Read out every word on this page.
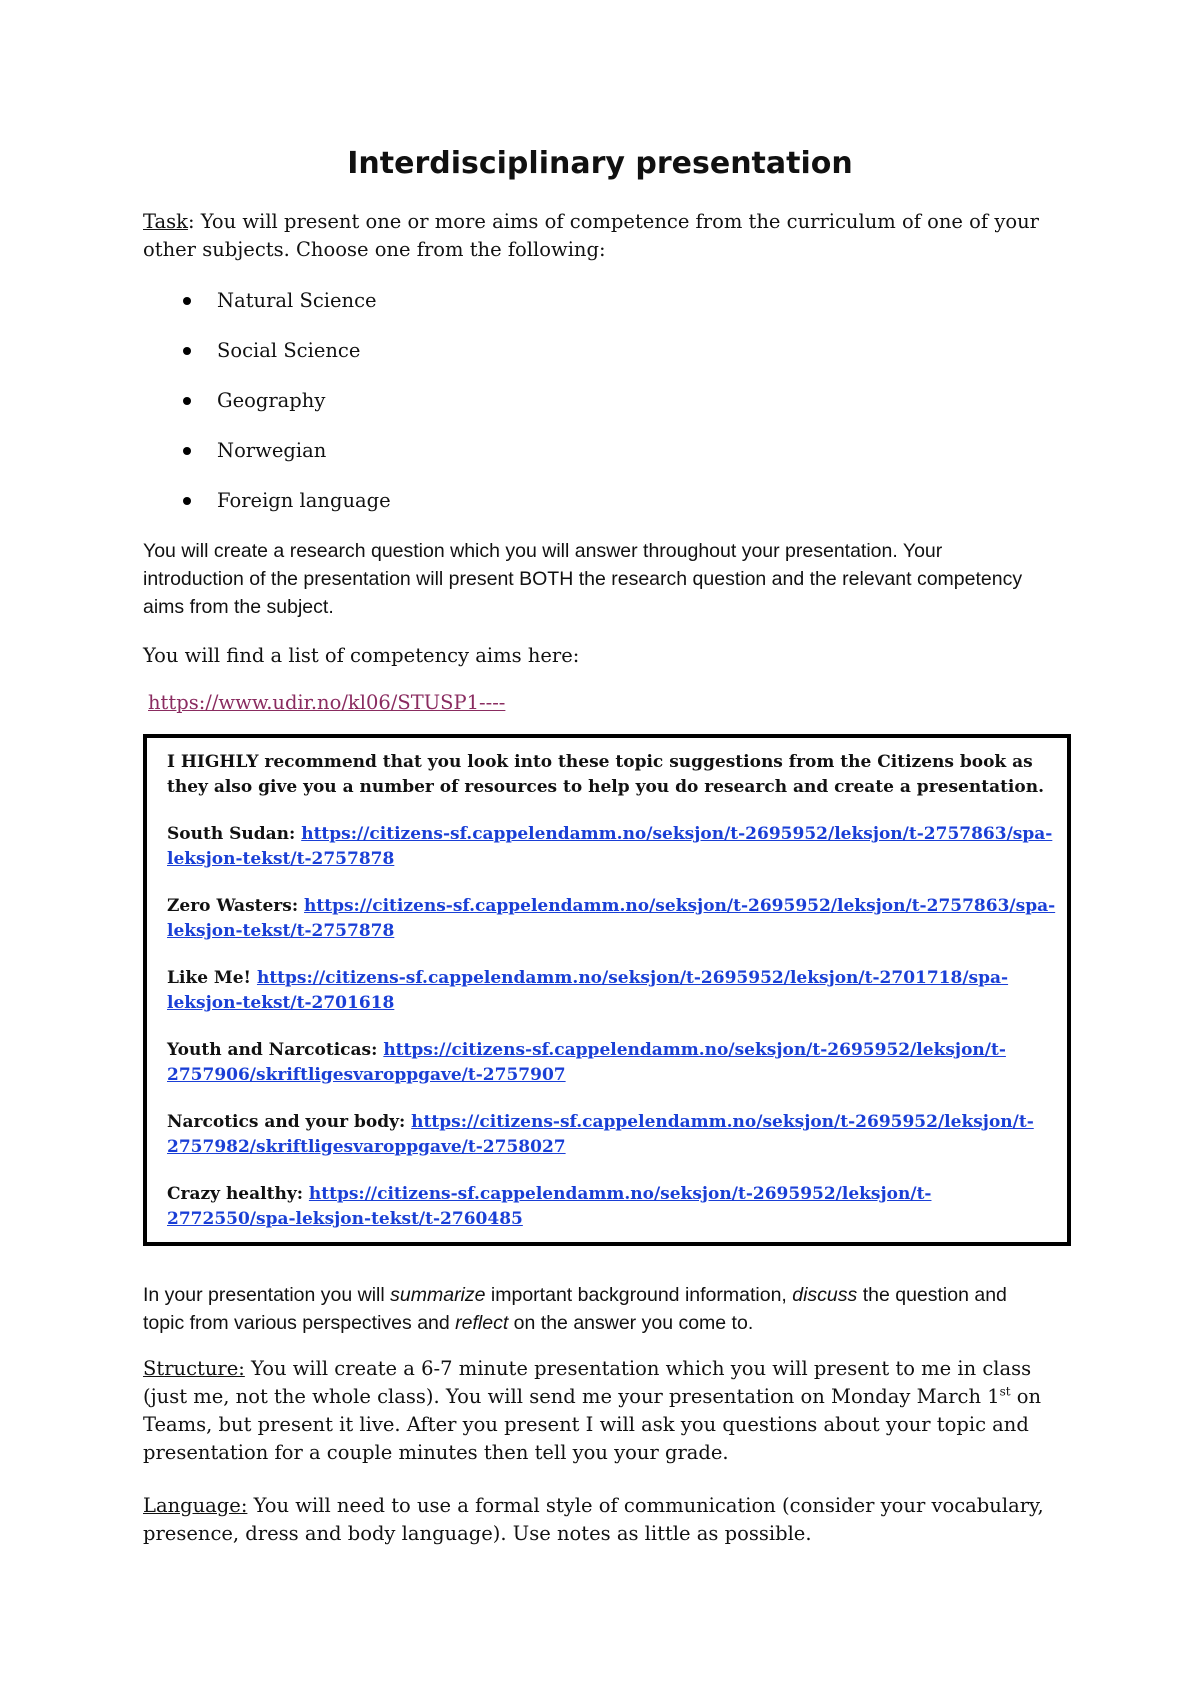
Interdisciplinary presentation

Task: You will present one or more aims of competence from the curriculum of one of your other subjects. Choose one from the following:

Natural Science
Social Science
Geography
Norwegian
Foreign language

You will create a research question which you will answer throughout your presentation. Your introduction of the presentation will present BOTH the research question and the relevant competency aims from the subject.

You will find a list of competency aims here:

https://www.udir.no/kl06/STUSP1----

I HIGHLY recommend that you look into these topic suggestions from the Citizens book as they also give you a number of resources to help you do research and create a presentation.

South Sudan: https://citizens-sf.cappelendamm.no/seksjon/t-2695952/leksjon/t-2757863/spa-leksjon-tekst/t-2757878

Zero Wasters: https://citizens-sf.cappelendamm.no/seksjon/t-2695952/leksjon/t-2757863/spa-leksjon-tekst/t-2757878

Like Me! https://citizens-sf.cappelendamm.no/seksjon/t-2695952/leksjon/t-2701718/spa-leksjon-tekst/t-2701618

Youth and Narcoticas: https://citizens-sf.cappelendamm.no/seksjon/t-2695952/leksjon/t-2757906/skriftligesvaroppgave/t-2757907

Narcotics and your body: https://citizens-sf.cappelendamm.no/seksjon/t-2695952/leksjon/t-2757982/skriftligesvaroppgave/t-2758027

Crazy healthy: https://citizens-sf.cappelendamm.no/seksjon/t-2695952/leksjon/t-2772550/spa-leksjon-tekst/t-2760485

In your presentation you will summarize important background information, discuss the question and topic from various perspectives and reflect on the answer you come to.

Structure: You will create a 6-7 minute presentation which you will present to me in class (just me, not the whole class). You will send me your presentation on Monday March 1st on Teams, but present it live. After you present I will ask you questions about your topic and presentation for a couple minutes then tell you your grade.

Language: You will need to use a formal style of communication (consider your vocabulary, presence, dress and body language). Use notes as little as possible.
